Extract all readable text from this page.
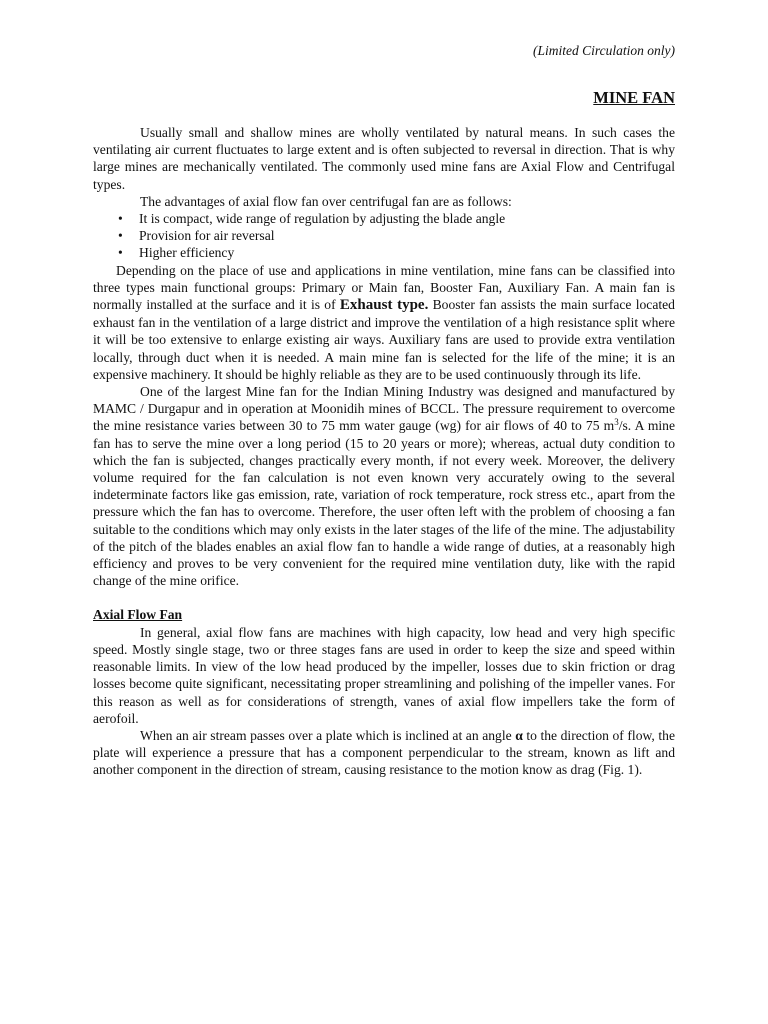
(Limited Circulation only)
MINE FAN

Usually small and shallow mines are wholly ventilated by natural means. In such cases the ventilating air current fluctuates to large extent and is often subjected to reversal in direction. That is why large mines are mechanically ventilated. The commonly used mine fans are Axial Flow and Centrifugal types.

The advantages of axial flow fan over centrifugal fan are as follows:

• It is compact, wide range of regulation by adjusting the blade angle
• Provision for air reversal
• Higher efficiency

Depending on the place of use and applications in mine ventilation, mine fans can be classified into three types main functional groups: Primary or Main fan, Booster Fan, Auxiliary Fan. A main fan is normally installed at the surface and it is of Exhaust type. Booster fan assists the main surface located exhaust fan in the ventilation of a large district and improve the ventilation of a high resistance split where it will be too extensive to enlarge existing air ways. Auxiliary fans are used to provide extra ventilation locally, through duct when it is needed. A main mine fan is selected for the life of the mine; it is an expensive machinery. It should be highly reliable as they are to be used continuously through its life.

One of the largest Mine fan for the Indian Mining Industry was designed and manufactured by MAMC / Durgapur and in operation at Moonidih mines of BCCL. The pressure requirement to overcome the mine resistance varies between 30 to 75 mm water gauge (wg) for air flows of 40 to 75 $m^3/s$. A mine fan has to serve the mine over a long period (15 to 20 years or more); whereas, actual duty condition to which the fan is subjected, changes practically every month, if not every week. Moreover, the delivery volume required for the fan calculation is not even known very accurately owing to the several indeterminate factors like gas emission, rate, variation of rock temperature, rock stress etc., apart from the pressure which the fan has to overcome. Therefore, the user often left with the problem of choosing a fan suitable to the conditions which may only exists in the later stages of the life of the mine. The adjustability of the pitch of the blades enables an axial flow fan to handle a wide range of duties, at a reasonably high efficiency and proves to be very convenient for the required mine ventilation duty, like with the rapid change of the mine orifice.

Axial Flow Fan

In general, axial flow fans are machines with high capacity, low head and very high specific speed. Mostly single stage, two or three stages fans are used in order to keep the size and speed within reasonable limits. In view of the low head produced by the impeller, losses due to skin friction or drag losses become quite significant, necessitating proper streamlining and polishing of the impeller vanes. For this reason as well as for considerations of strength, vanes of axial flow impellers take the form of aerofoil.

When an air stream passes over a plate which is inclined at an angle α to the direction of flow, the plate will experience a pressure that has a component perpendicular to the stream, known as lift and another component in the direction of stream, causing resistance to the motion know as drag (Fig. 1).
